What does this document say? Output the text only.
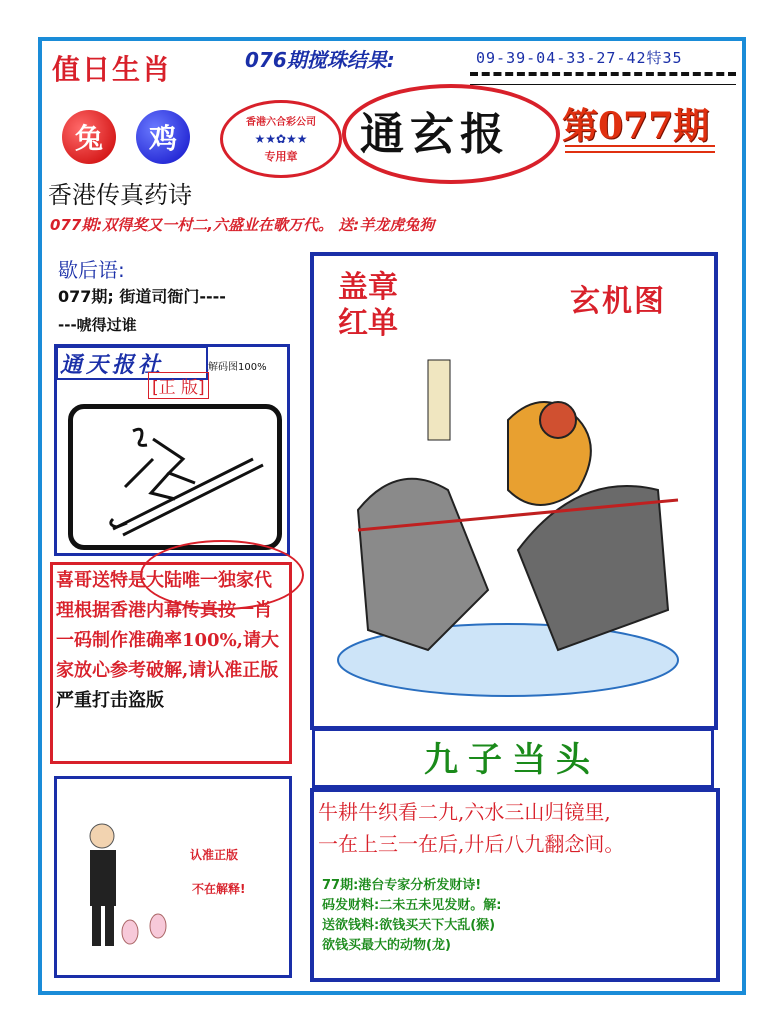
值日生肖	076期搅珠结果:	09-39-04-33-27-42特35
兔	鸡	香港六合彩公司
★★✿★★
专用章	通玄报 第077期
香港传真药诗
077期:双得奖又一村二,六盛业在歌万代。 送:羊龙虎兔狗
歇后语:
077期; 街道司衙门----
---唬得过谁
通天报社	解码图100%
[正 版]
喜哥送特是大陆唯一独家代理根据香港内幕传真按一肖一码制作准确率100%,请大家放心参考破解,请认准正版严重打击盗版
认准正版
不在解释!
盖章
红单
玄机图
九子当头
牛耕牛织看二九,六水三山归镜里,
一在上三一在后,廾后八九翻念间。
77期:港台专家分析发财诗!
码发财料:二未五未见发财。解:
送欲钱料:欲钱买天下大乱(猴)
欲钱买最大的动物(龙)
